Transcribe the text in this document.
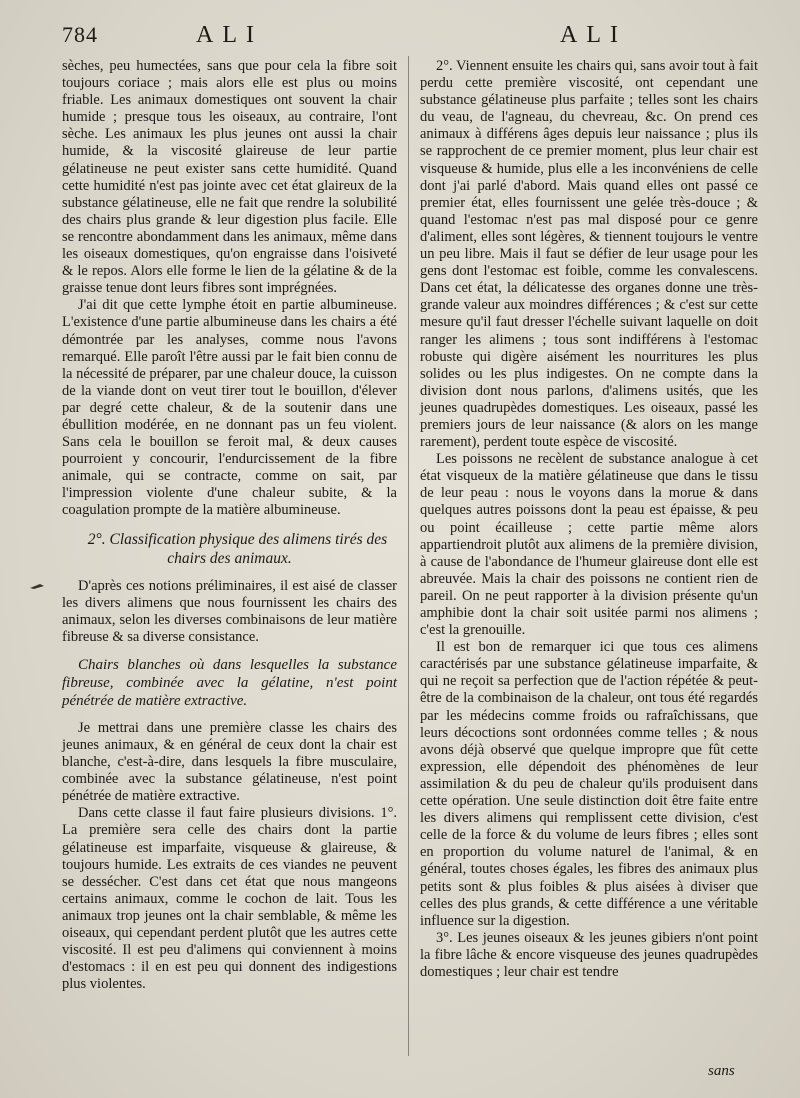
784	ALI	ALI

sèches, peu humectées, sans que pour cela la fibre soit toujours coriace ; mais alors elle est plus ou moins friable. Les animaux domestiques ont souvent la chair humide ; presque tous les oiseaux, au contraire, l'ont sèche. Les animaux les plus jeunes ont aussi la chair humide, & la viscosité glaireuse de leur partie gélatineuse ne peut exister sans cette humidité. Quand cette humidité n'est pas jointe avec cet état glaireux de la substance gélatineuse, elle ne fait que rendre la solubilité des chairs plus grande & leur digestion plus facile. Elle se rencontre abondamment dans les animaux, même dans les oiseaux domestiques, qu'on engraisse dans l'oisiveté & le repos. Alors elle forme le lien de la gélatine & de la graisse tenue dont leurs fibres sont imprégnées.

J'ai dit que cette lymphe étoit en partie albumineuse. L'existence d'une partie albumineuse dans les chairs a été démontrée par les analyses, comme nous l'avons remarqué. Elle paroît l'être aussi par le fait bien connu de la nécessité de préparer, par une chaleur douce, la cuisson de la viande dont on veut tirer tout le bouillon, d'élever par degré cette chaleur, & de la soutenir dans une ébullition modérée, en ne donnant pas un feu violent. Sans cela le bouillon se feroit mal, & deux causes pourroient y concourir, l'endurcissement de la fibre animale, qui se contracte, comme on sait, par l'impression violente d'une chaleur subite, & la coagulation prompte de la matière albumineuse.

2°. Classification physique des alimens tirés des chairs des animaux.

D'après ces notions préliminaires, il est aisé de classer les divers alimens que nous fournissent les chairs des animaux, selon les diverses combinaisons de leur matière fibreuse & sa diverse consistance.

Chairs blanches où dans lesquelles la substance fibreuse, combinée avec la gélatine, n'est point pénétrée de matière extractive.

Je mettrai dans une première classe les chairs des jeunes animaux, & en général de ceux dont la chair est blanche, c'est-à-dire, dans lesquels la fibre musculaire, combinée avec la substance gélatineuse, n'est point pénétrée de matière extractive.

Dans cette classe il faut faire plusieurs divisions. 1°. La première sera celle des chairs dont la partie gélatineuse est imparfaite, visqueuse & glaireuse, & toujours humide. Les extraits de ces viandes ne peuvent se dessécher. C'est dans cet état que nous mangeons certains animaux, comme le cochon de lait. Tous les animaux trop jeunes ont la chair semblable, & même les oiseaux, qui cependant perdent plutôt que les autres cette viscosité. Il est peu d'alimens qui conviennent à moins d'estomacs : il en est peu qui donnent des indigestions plus violentes.

2°. Viennent ensuite les chairs qui, sans avoir tout à fait perdu cette première viscosité, ont cependant une substance gélatineuse plus parfaite ; telles sont les chairs du veau, de l'agneau, du chevreau, &c. On prend ces animaux à différens âges depuis leur naissance ; plus ils se rapprochent de ce premier moment, plus leur chair est visqueuse & humide, plus elle a les inconvéniens de celle dont j'ai parlé d'abord. Mais quand elles ont passé ce premier état, elles fournissent une gelée très-douce ; & quand l'estomac n'est pas mal disposé pour ce genre d'aliment, elles sont légères, & tiennent toujours le ventre un peu libre. Mais il faut se défier de leur usage pour les gens dont l'estomac est foible, comme les convalescens. Dans cet état, la délicatesse des organes donne une très-grande valeur aux moindres différences ; & c'est sur cette mesure qu'il faut dresser l'échelle suivant laquelle on doit ranger les alimens ; tous sont indifférens à l'estomac robuste qui digère aisément les nourritures les plus solides ou les plus indigestes. On ne compte dans la division dont nous parlons, d'alimens usités, que les jeunes quadrupèdes domestiques. Les oiseaux, passé les premiers jours de leur naissance (& alors on les mange rarement), perdent toute espèce de viscosité.

Les poissons ne recèlent de substance analogue à cet état visqueux de la matière gélatineuse que dans le tissu de leur peau : nous le voyons dans la morue & dans quelques autres poissons dont la peau est épaisse, & peu ou point écailleuse ; cette partie même alors appartiendroit plutôt aux alimens de la première division, à cause de l'abondance de l'humeur glaireuse dont elle est abreuvée. Mais la chair des poissons ne contient rien de pareil. On ne peut rapporter à la division présente qu'un amphibie dont la chair soit usitée parmi nos alimens ; c'est la grenouille.

Il est bon de remarquer ici que tous ces alimens caractérisés par une substance gélatineuse imparfaite, & qui ne reçoit sa perfection que de l'action répétée & peut-être de la combinaison de la chaleur, ont tous été regardés par les médecins comme froids ou rafraîchissans, que leurs décoctions sont ordonnées comme telles ; & nous avons déjà observé que quelque impropre que fût cette expression, elle dépendoit des phénomènes de leur assimilation & du peu de chaleur qu'ils produisent dans cette opération. Une seule distinction doit être faite entre les divers alimens qui remplissent cette division, c'est celle de la force & du volume de leurs fibres ; elles sont en proportion du volume naturel de l'animal, & en général, toutes choses égales, les fibres des animaux plus petits sont & plus foibles & plus aisées à diviser que celles des plus grands, & cette différence a une véritable influence sur la digestion.

3°. Les jeunes oiseaux & les jeunes gibiers n'ont point la fibre lâche & encore visqueuse des jeunes quadrupèdes domestiques ; leur chair est tendre

sans
